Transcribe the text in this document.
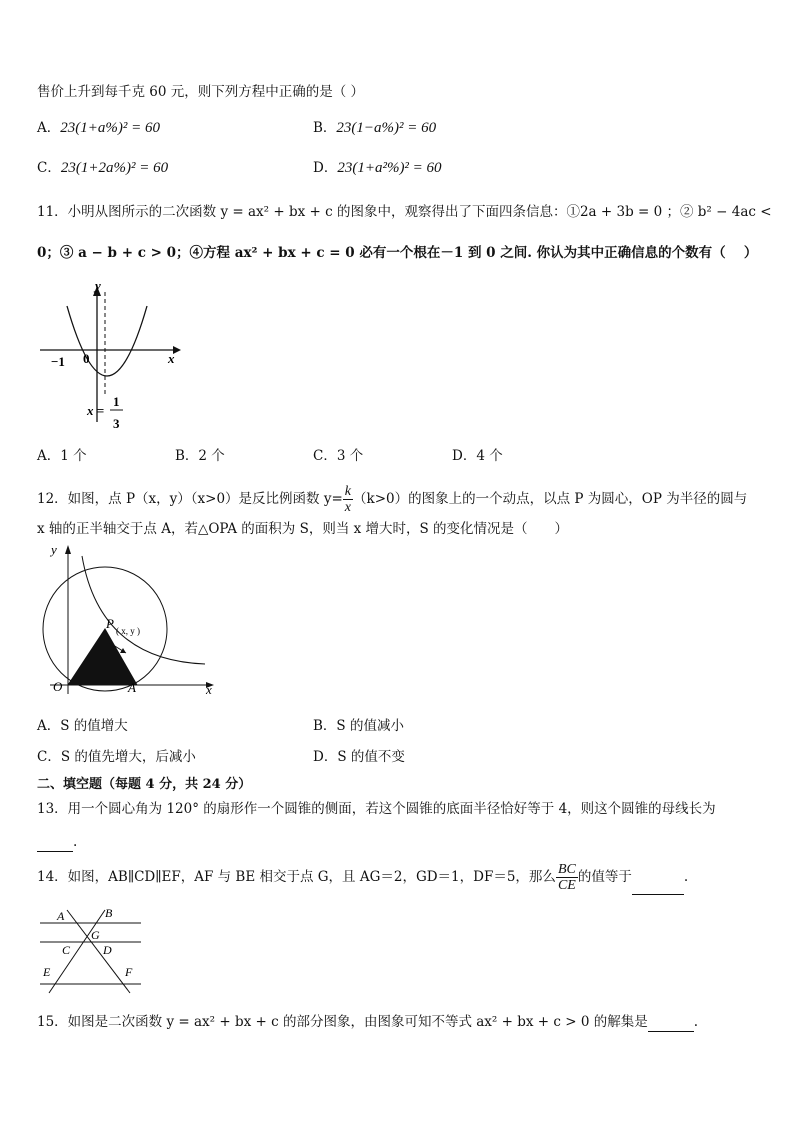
售价上升到每千克 60 元，则下列方程中正确的是（ ）
A．23(1+a%)² = 60	B．23(1−a%)² = 60
C．23(1+2a%)² = 60	D．23(1+a²%)² = 60
11．小明从图所示的二次函数 y = ax² + bx + c 的图象中，观察得出了下面四条信息：①2a + 3b = 0 ；② b² − 4ac <
0；③ a − b + c > 0；④方程 ax² + bx + c = 0 必有一个根在－1 到 0 之间. 你认为其中正确信息的个数有（　 ）
y
x
−1 0
x =
1
3
A．1 个	B．2 个	C．3 个	D．4 个
12．如图，点 P（x，y）（x>0）是反比例函数 $y= \frac{k}{x} (k>0)$的图象上的一个动点，以点 P 为圆心，OP 为半径的圆与
x 轴的正半轴交于点 A，若△OPA 的面积为 S，则当 x 增大时，S 的变化情况是（　　）
y
x
O	A
P ( x, y )
A．S 的值增大	B．S 的值减小
C．S 的值先增大，后减小	D．S 的值不变
二、填空题（每题 4 分，共 24 分）
13．用一个圆心角为 120° 的扇形作一个圆锥的侧面，若这个圆锥的底面半径恰好等于 4，则这个圆锥的母线长为
.
14．如图，AB∥CD∥EF，AF 与 BE 相交于点 G，且 AG＝2，GD＝1，DF＝5，那么 $\frac{BC}{CE}$ 的值等于	.
A	B
C
G
D
E	F
15．如图是二次函数 y = ax² + bx + c 的部分图象，由图象可知不等式 ax² + bx + c > 0 的解集是	.
